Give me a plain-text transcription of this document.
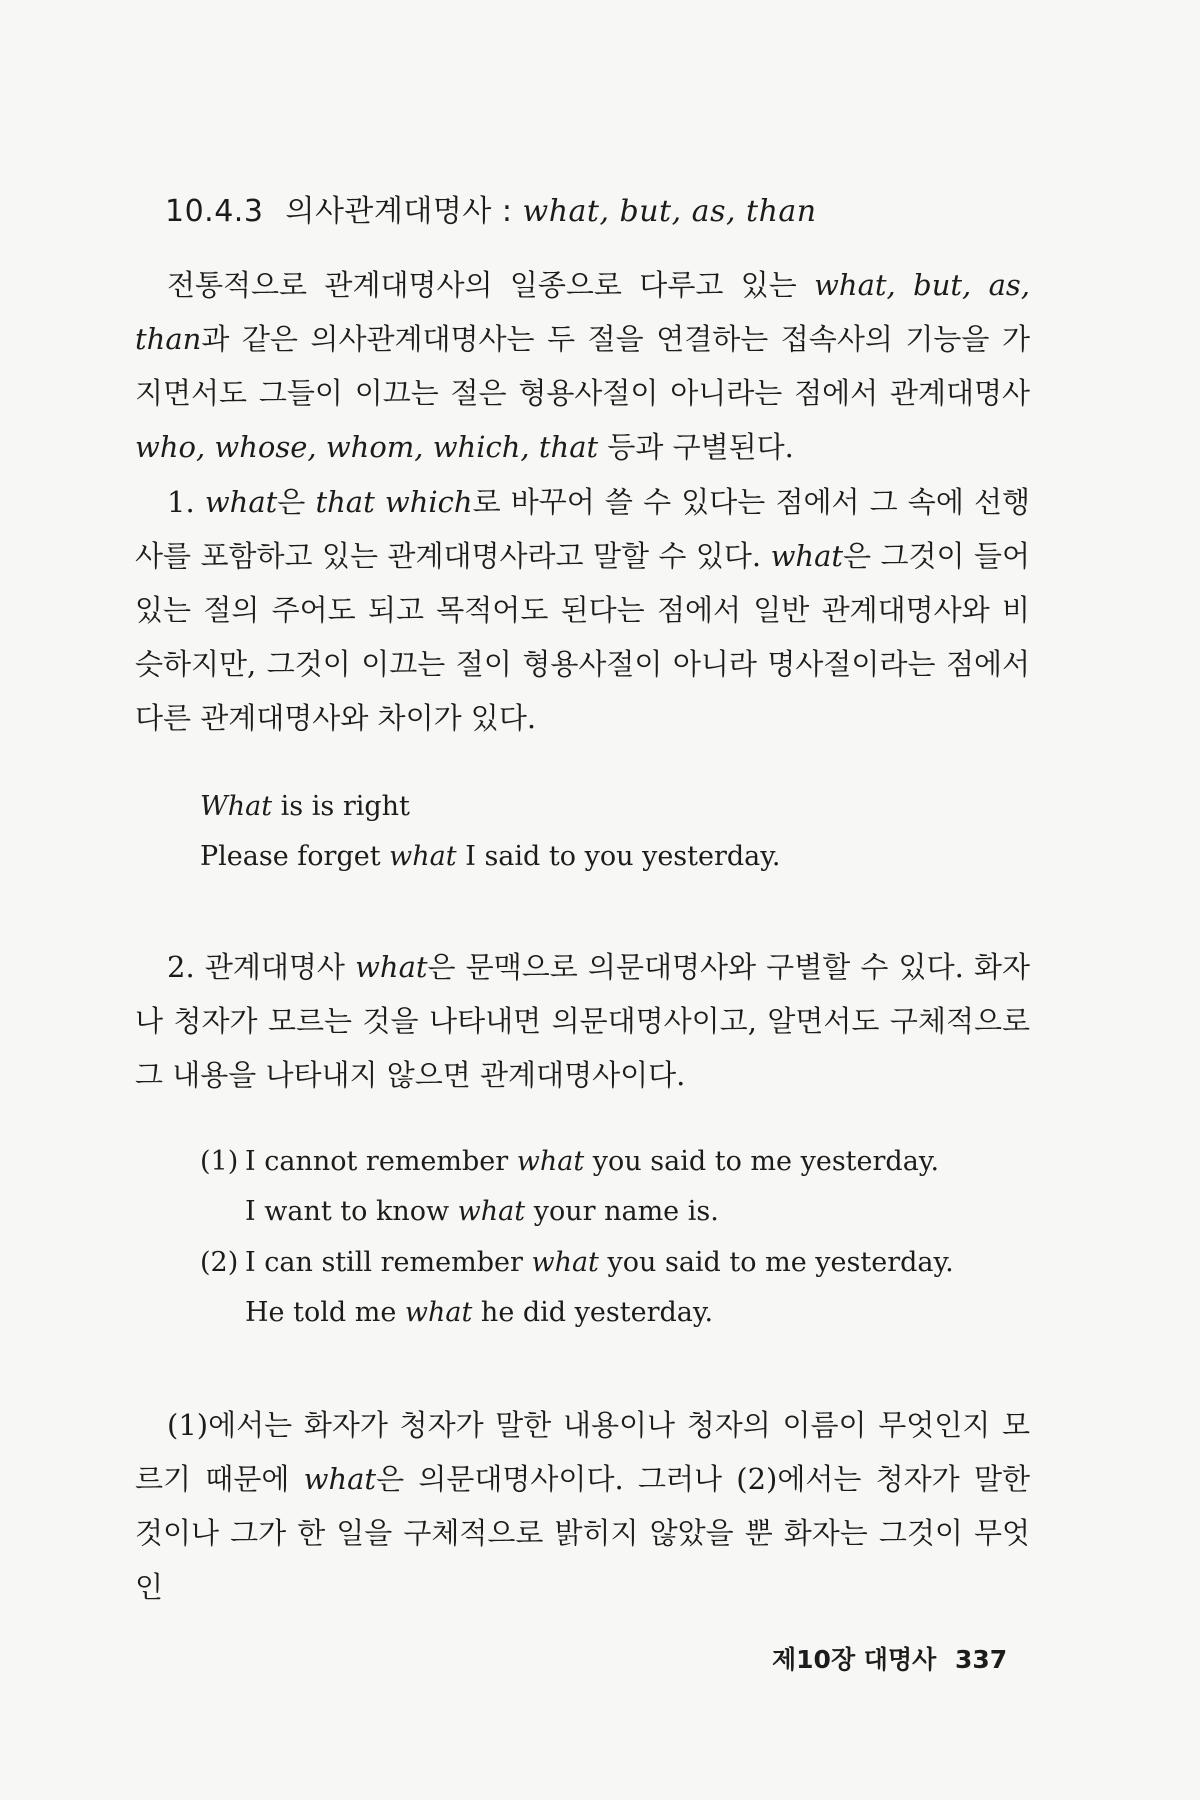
10.4.3 의사관계대명사 : what, but, as, than

전통적으로 관계대명사의 일종으로 다루고 있는 what, but, as, than과 같은 의사관계대명사는 두 절을 연결하는 접속사의 기능을 가지면서도 그들이 이끄는 절은 형용사절이 아니라는 점에서 관계대명사 who, whose, whom, which, that 등과 구별된다.

1. what은 that which로 바꾸어 쓸 수 있다는 점에서 그 속에 선행사를 포함하고 있는 관계대명사라고 말할 수 있다. what은 그것이 들어 있는 절의 주어도 되고 목적어도 된다는 점에서 일반 관계대명사와 비슷하지만, 그것이 이끄는 절이 형용사절이 아니라 명사절이라는 점에서 다른 관계대명사와 차이가 있다.

What is is right
Please forget what I said to you yesterday.

2. 관계대명사 what은 문맥으로 의문대명사와 구별할 수 있다. 화자나 청자가 모르는 것을 나타내면 의문대명사이고, 알면서도 구체적으로 그 내용을 나타내지 않으면 관계대명사이다.

(1) I cannot remember what you said to me yesterday.
I want to know what your name is.
(2) I can still remember what you said to me yesterday.
He told me what he did yesterday.

(1)에서는 화자가 청자가 말한 내용이나 청자의 이름이 무엇인지 모르기 때문에 what은 의문대명사이다. 그러나 (2)에서는 청자가 말한 것이나 그가 한 일을 구체적으로 밝히지 않았을 뿐 화자는 그것이 무엇인

제10장 대명사 337
